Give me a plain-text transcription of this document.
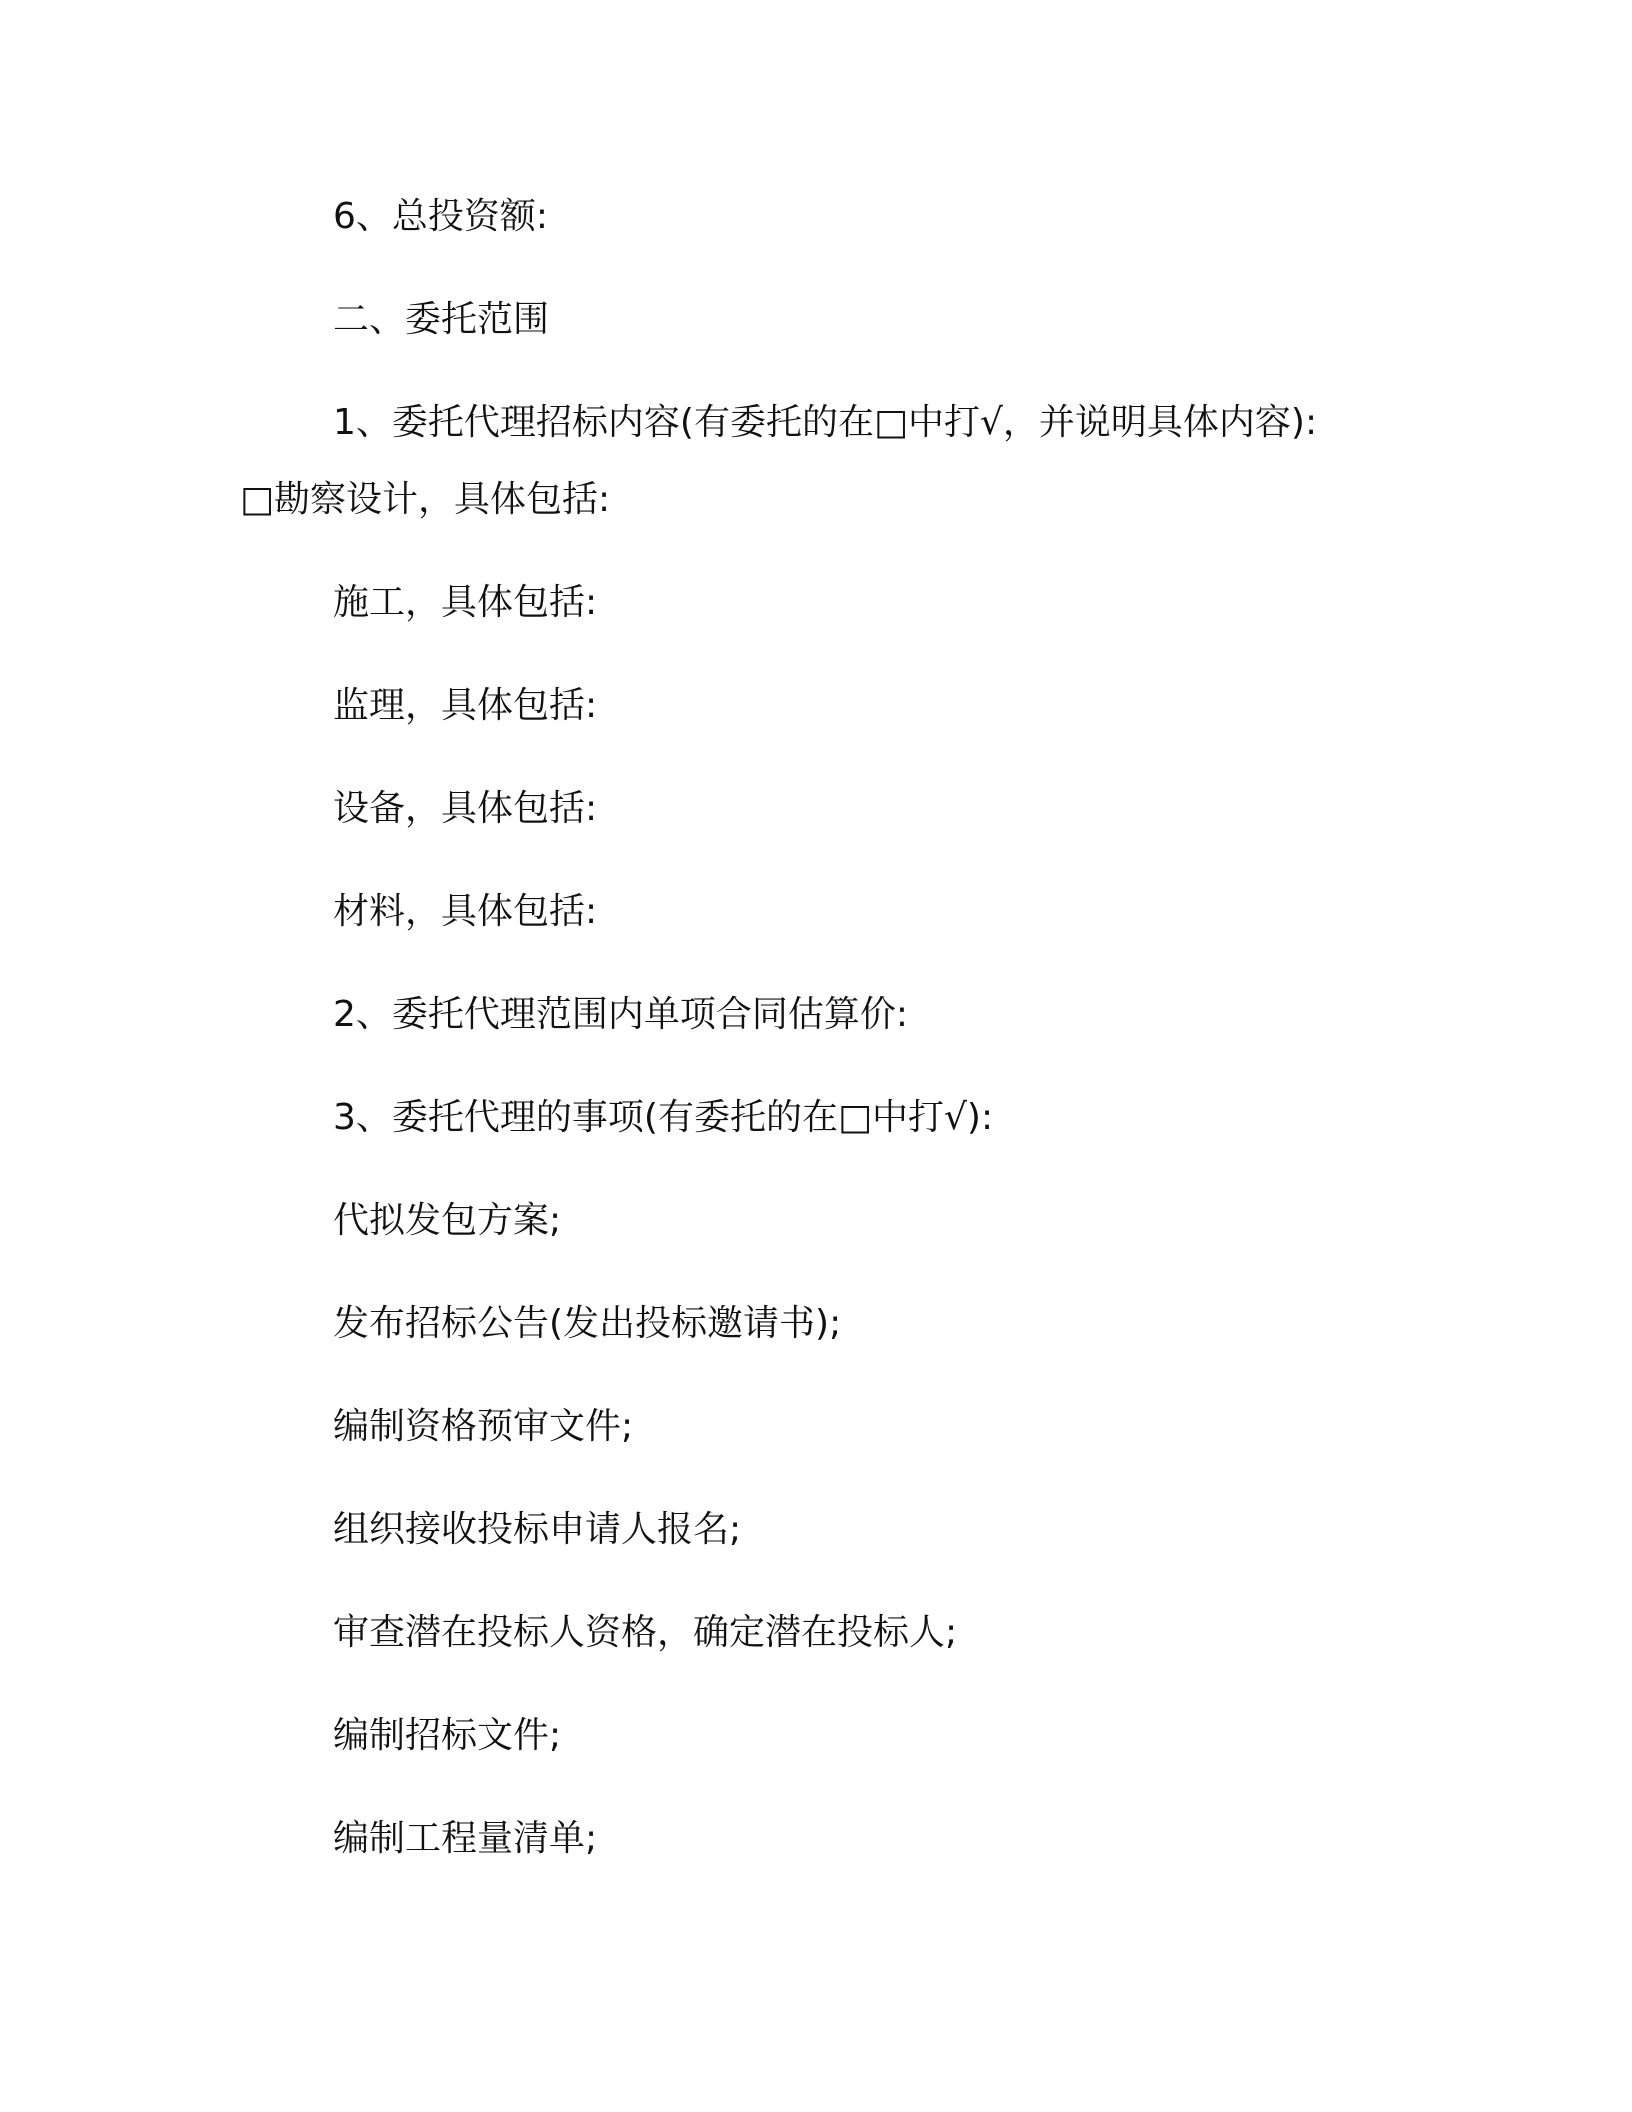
6、总投资额:

二、委托范围

1、委托代理招标内容(有委托的在□中打√，并说明具体内容):

□勘察设计，具体包括:

施工，具体包括:

监理，具体包括:

设备，具体包括:

材料，具体包括:

2、委托代理范围内单项合同估算价:

3、委托代理的事项(有委托的在□中打√):

代拟发包方案;

发布招标公告(发出投标邀请书);

编制资格预审文件;

组织接收投标申请人报名;

审查潜在投标人资格，确定潜在投标人;

编制招标文件;

编制工程量清单;
